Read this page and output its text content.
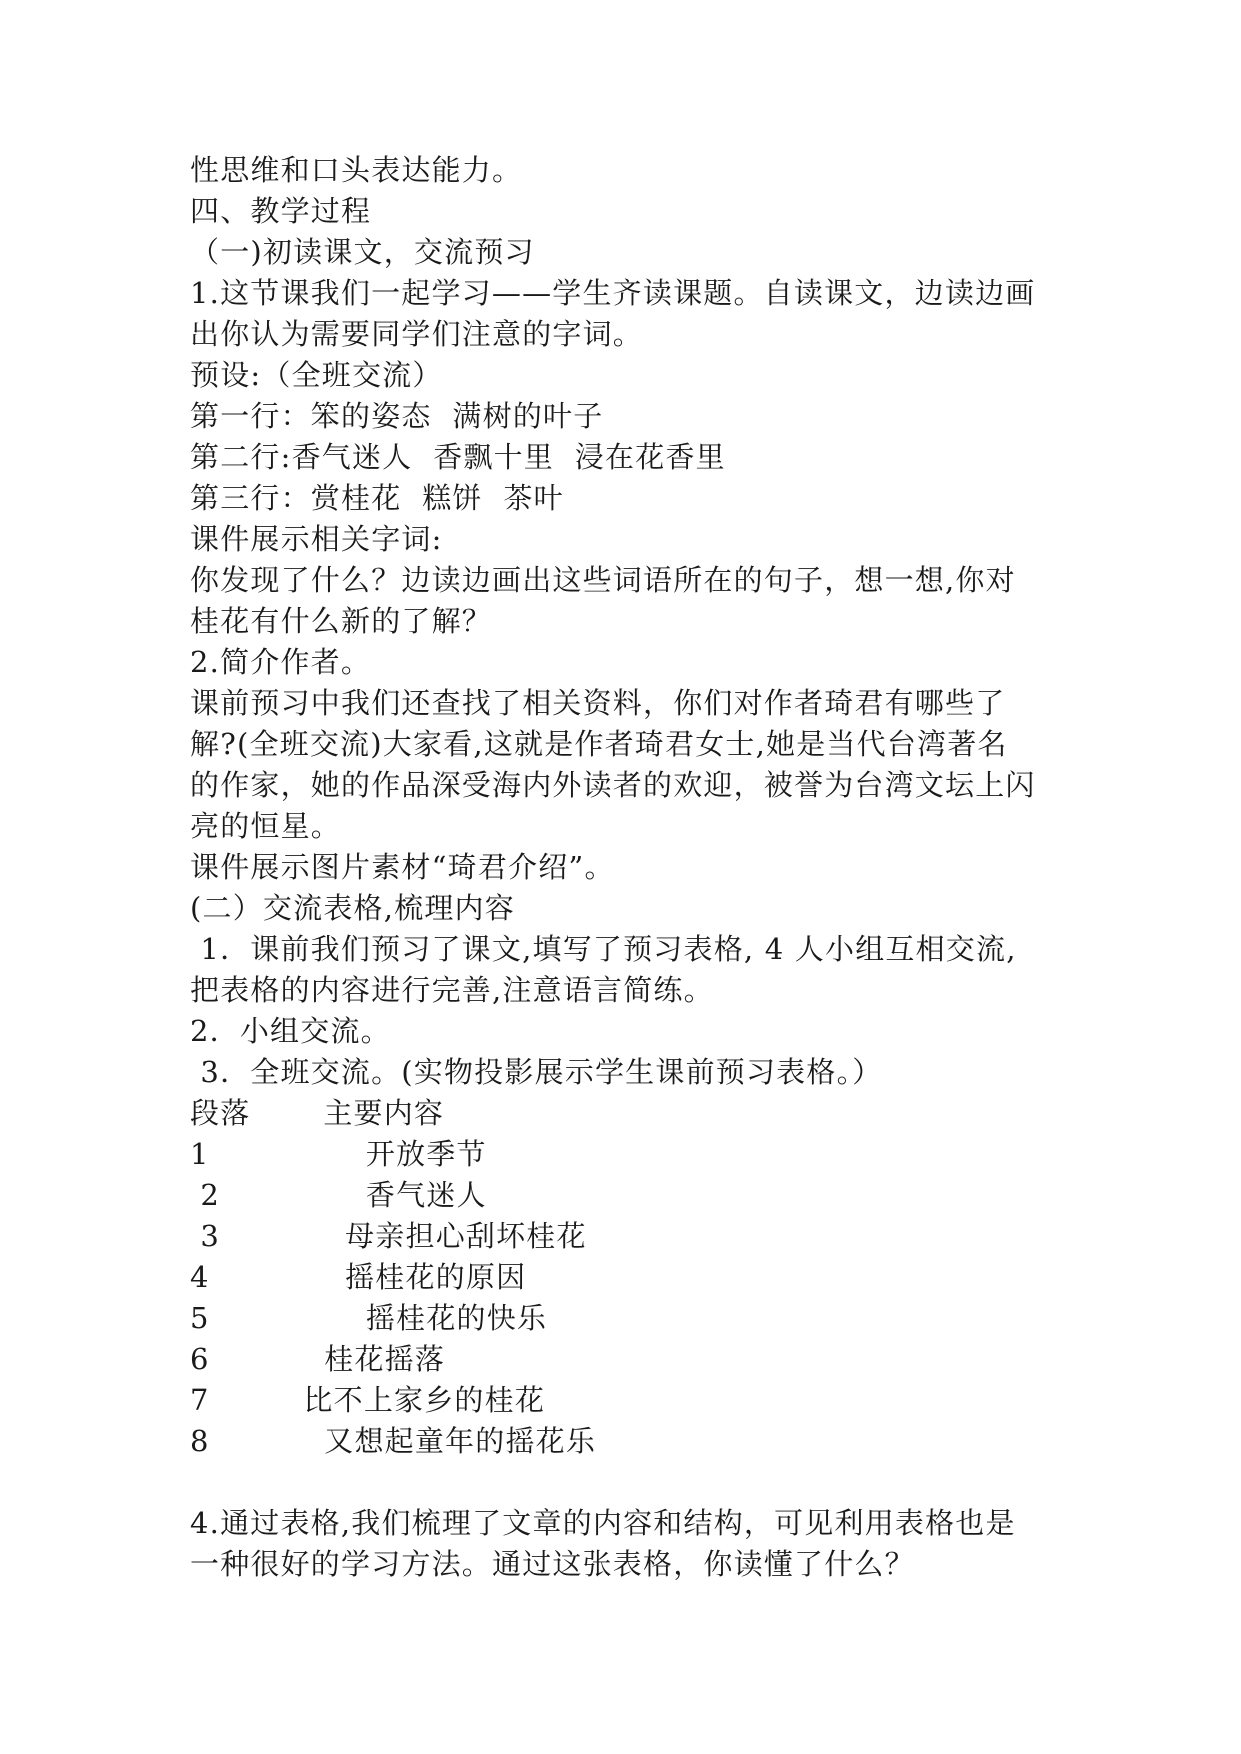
性思维和口头表达能力。
四、教学过程
（一)初读课文，交流预习
1.这节课我们一起学习——学生齐读课题。自读课文，边读边画
出你认为需要同学们注意的字词。
预设:（全班交流）
第一行：笨的姿态  满树的叶子
第二行:香气迷人  香飘十里  浸在花香里
第三行：赏桂花  糕饼  茶叶
课件展示相关字词:
你发现了什么？边读边画出这些词语所在的句子，想一想,你对
桂花有什么新的了解？
2.简介作者。
课前预习中我们还查找了相关资料，你们对作者琦君有哪些了
解?(全班交流)大家看,这就是作者琦君女士,她是当代台湾著名
的作家，她的作品深受海内外读者的欢迎，被誉为台湾文坛上闪
亮的恒星。
课件展示图片素材“琦君介绍”。
(二）交流表格,梳理内容
1．课前我们预习了课文,填写了预习表格, 4 人小组互相交流,
把表格的内容进行完善,注意语言简练。
2．小组交流。
3．全班交流。(实物投影展示学生课前预习表格。）
段落       主要内容
1               开放季节
2              香气迷人
3            母亲担心刮坏桂花
4             摇桂花的原因
5               摇桂花的快乐
6           桂花摇落
7         比不上家乡的桂花
8           又想起童年的摇花乐
4.通过表格,我们梳理了文章的内容和结构，可见利用表格也是
一种很好的学习方法。通过这张表格，你读懂了什么？
